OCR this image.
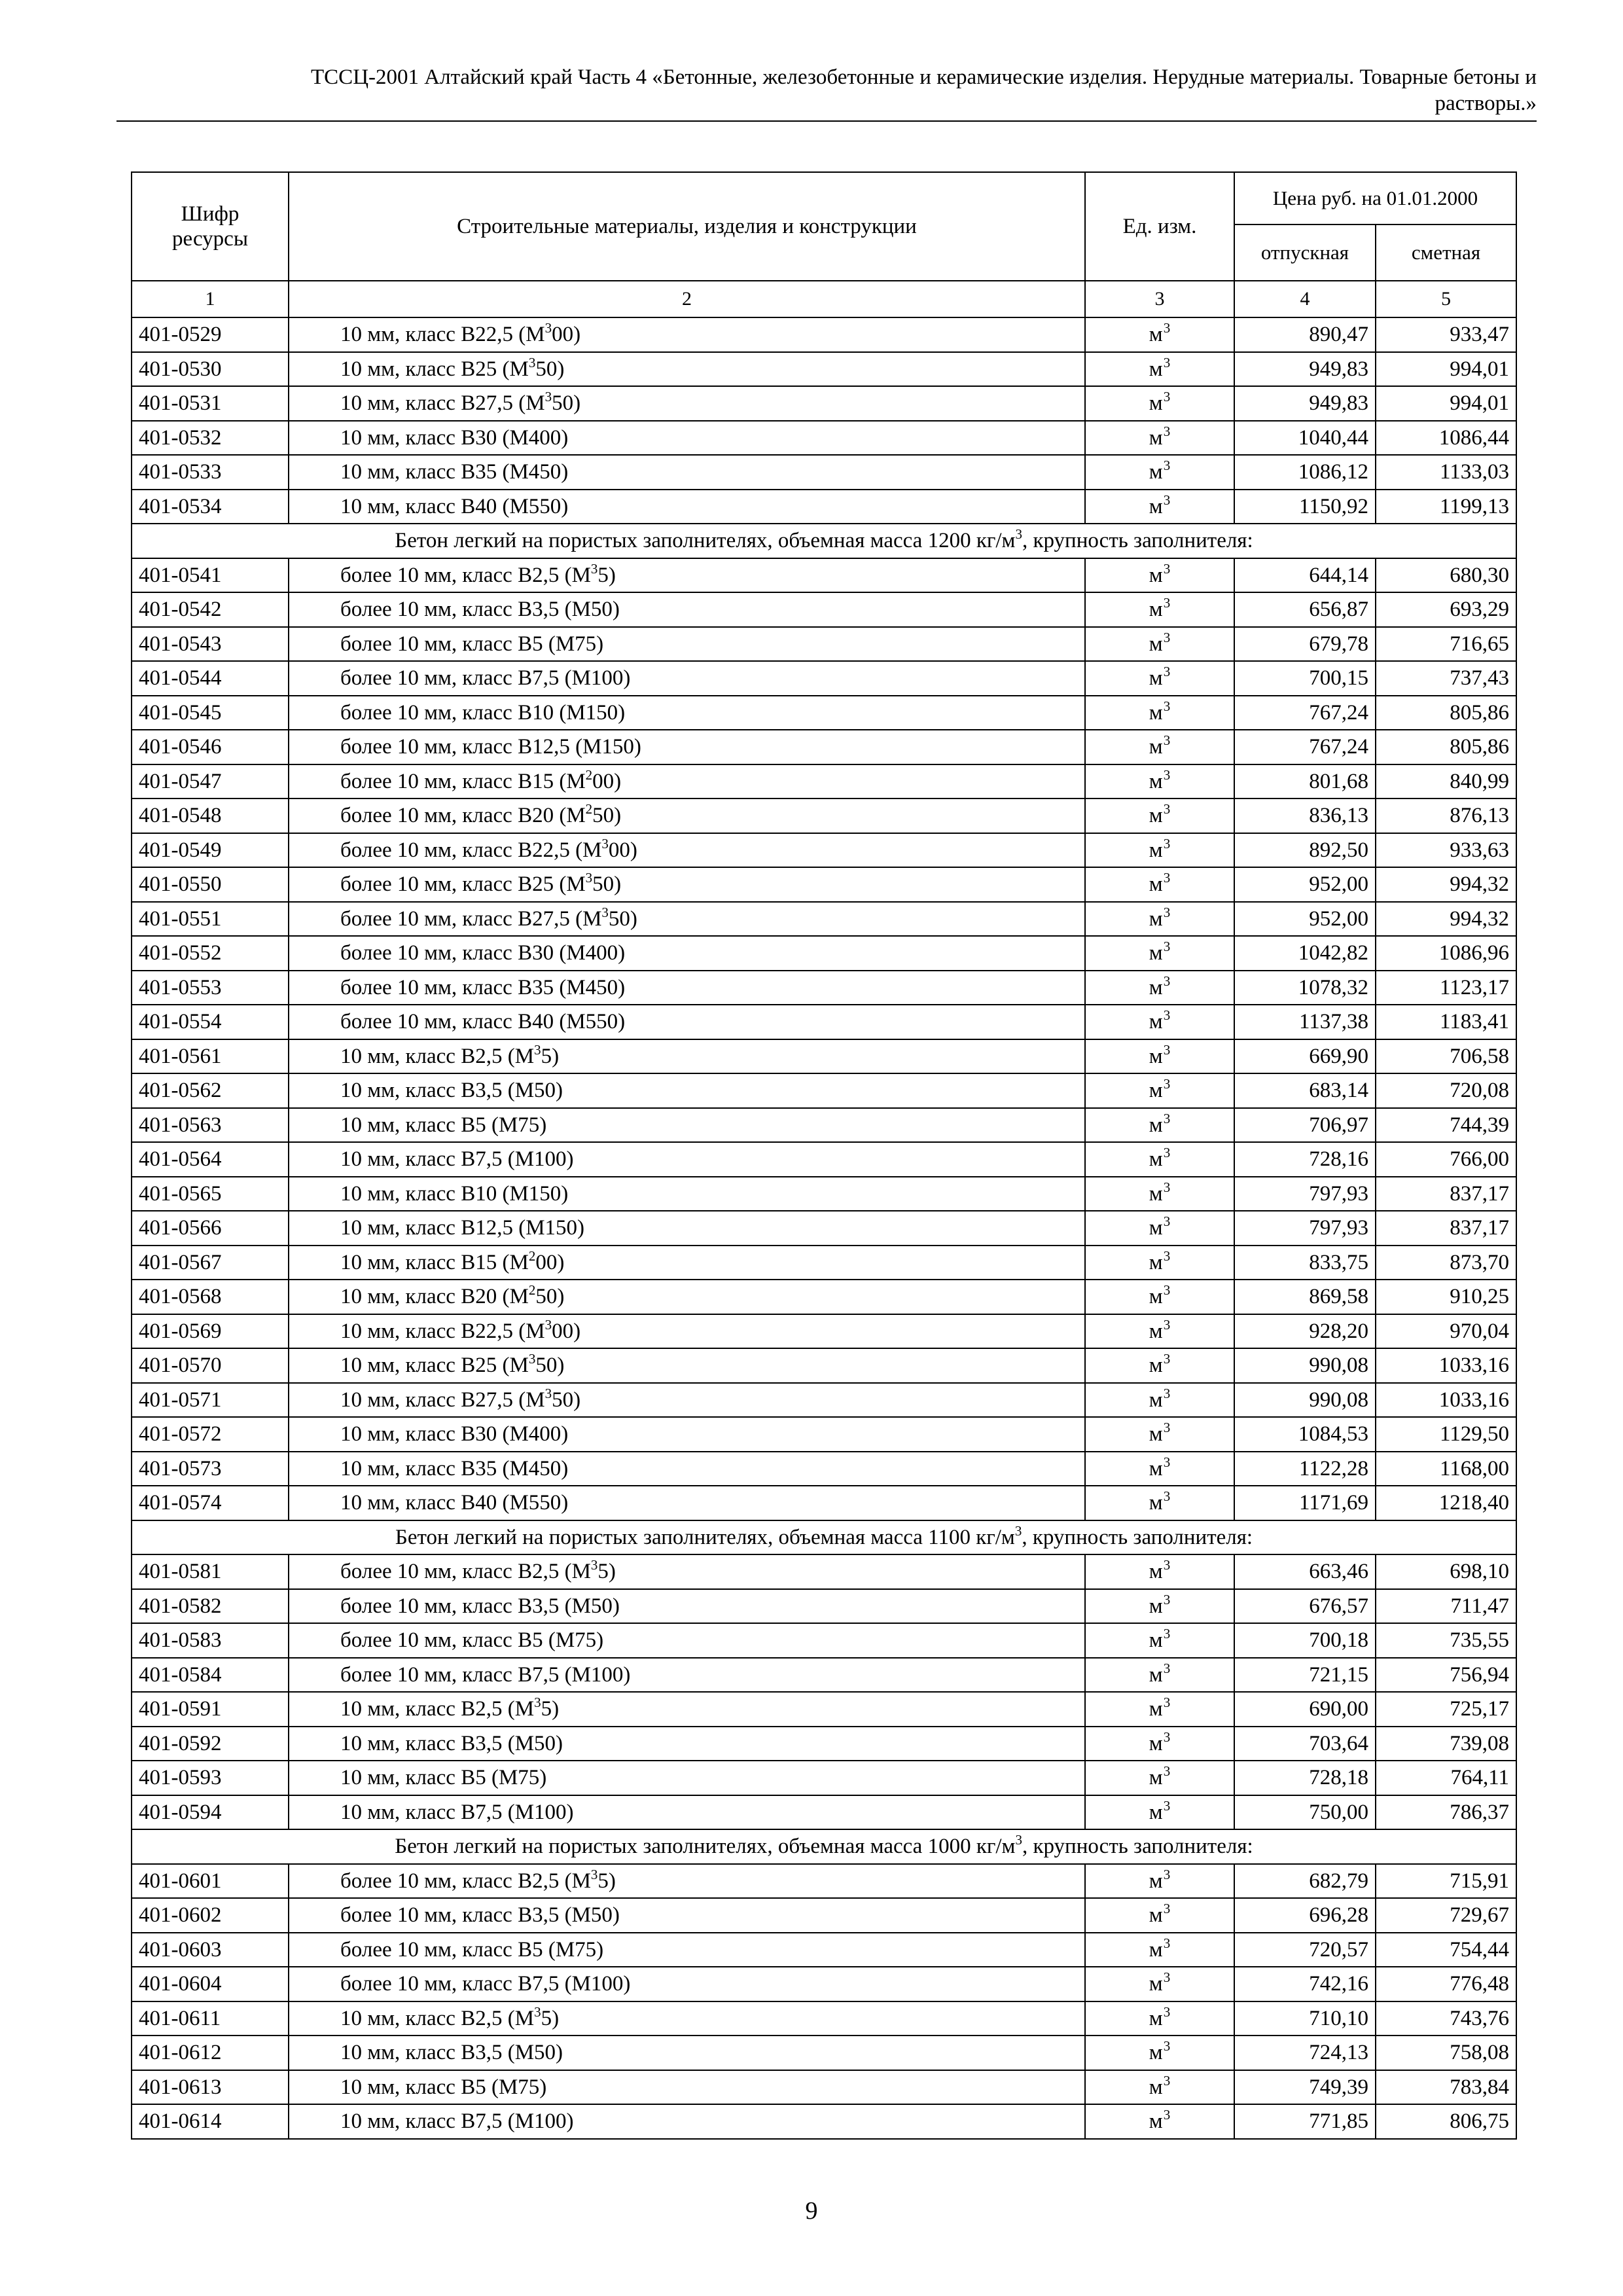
ТССЦ-2001 Алтайский край Часть 4 «Бетонные, железобетонные и керамические изделия. Нерудные материалы. Товарные бетоны и
растворы.»
Шифр ресурсы	Строительные материалы, изделия и конструкции	Ед. изм.	Цена руб. на 01.01.2000	
			отпускная	сметная
1	2	3	4	5
401-0529	10 мм, класс В22,5 $(М^300)$	$м^3$	890,47	933,47
401-0530	10 мм, класс В25 $(М^350)$	$м^3$	949,83	994,01
401-0531	10 мм, класс В27,5 $(М^350)$	$м^3$	949,83	994,01
401-0532	10 мм, класс В30 (М400)	$м^3$	1040,44	1086,44
401-0533	10 мм, класс В35 (М450)	$м^3$	1086,12	1133,03
401-0534	10 мм, класс В40 (М550)	$м^3$	1150,92	1199,13
Бетон легкий на пористых заполнителях, объемная масса 1200 $кг/м^3$, крупность заполнителя:				
401-0541	более 10 мм, класс В2,5 $(М^35)$	$м^3$	644,14	680,30
401-0542	более 10 мм, класс В3,5 (М50)	$м^3$	656,87	693,29
401-0543	более 10 мм, класс В5 (М75)	$м^3$	679,78	716,65
401-0544	более 10 мм, класс В7,5 (М100)	$м^3$	700,15	737,43
401-0545	более 10 мм, класс В10 (М150)	$м^3$	767,24	805,86
401-0546	более 10 мм, класс В12,5 (М150)	$м^3$	767,24	805,86
401-0547	более 10 мм, класс В15 $(М^200)$	$м^3$	801,68	840,99
401-0548	более 10 мм, класс В20 $(М^250)$	$м^3$	836,13	876,13
401-0549	более 10 мм, класс В22,5 $(М^300)$	$м^3$	892,50	933,63
401-0550	более 10 мм, класс В25 $(М^350)$	$м^3$	952,00	994,32
401-0551	более 10 мм, класс В27,5 $(М^350)$	$м^3$	952,00	994,32
401-0552	более 10 мм, класс В30 (М400)	$м^3$	1042,82	1086,96
401-0553	более 10 мм, класс В35 (М450)	$м^3$	1078,32	1123,17
401-0554	более 10 мм, класс В40 (М550)	$м^3$	1137,38	1183,41
401-0561	10 мм, класс В2,5 $(М^35)$	$м^3$	669,90	706,58
401-0562	10 мм, класс В3,5 (М50)	$м^3$	683,14	720,08
401-0563	10 мм, класс В5 (М75)	$м^3$	706,97	744,39
401-0564	10 мм, класс В7,5 (М100)	$м^3$	728,16	766,00
401-0565	10 мм, класс В10 (М150)	$м^3$	797,93	837,17
401-0566	10 мм, класс В12,5 (М150)	$м^3$	797,93	837,17
401-0567	10 мм, класс В15 $(М^200)$	$м^3$	833,75	873,70
401-0568	10 мм, класс В20 $(М^250)$	$м^3$	869,58	910,25
401-0569	10 мм, класс В22,5 $(М^300)$	$м^3$	928,20	970,04
401-0570	10 мм, класс В25 $(М^350)$	$м^3$	990,08	1033,16
401-0571	10 мм, класс В27,5 $(М^350)$	$м^3$	990,08	1033,16
401-0572	10 мм, класс В30 (М400)	$м^3$	1084,53	1129,50
401-0573	10 мм, класс В35 (М450)	$м^3$	1122,28	1168,00
401-0574	10 мм, класс В40 (М550)	$м^3$	1171,69	1218,40
Бетон легкий на пористых заполнителях, объемная масса 1100 $кг/м^3$, крупность заполнителя:				
401-0581	более 10 мм, класс В2,5 $(М^35)$	$м^3$	663,46	698,10
401-0582	более 10 мм, класс В3,5 (М50)	$м^3$	676,57	711,47
401-0583	более 10 мм, класс В5 (М75)	$м^3$	700,18	735,55
401-0584	более 10 мм, класс В7,5 (М100)	$м^3$	721,15	756,94
401-0591	10 мм, класс В2,5 $(М^35)$	$м^3$	690,00	725,17
401-0592	10 мм, класс В3,5 (М50)	$м^3$	703,64	739,08
401-0593	10 мм, класс В5 (М75)	$м^3$	728,18	764,11
401-0594	10 мм, класс В7,5 (М100)	$м^3$	750,00	786,37
Бетон легкий на пористых заполнителях, объемная масса 1000 $кг/м^3$, крупность заполнителя:				
401-0601	более 10 мм, класс В2,5 $(М^35)$	$м^3$	682,79	715,91
401-0602	более 10 мм, класс В3,5 (М50)	$м^3$	696,28	729,67
401-0603	более 10 мм, класс В5 (М75)	$м^3$	720,57	754,44
401-0604	более 10 мм, класс В7,5 (М100)	$м^3$	742,16	776,48
401-0611	10 мм, класс В2,5 $(М^35)$	$м^3$	710,10	743,76
401-0612	10 мм, класс В3,5 (М50)	$м^3$	724,13	758,08
401-0613	10 мм, класс В5 (М75)	$м^3$	749,39	783,84
401-0614	10 мм, класс В7,5 (М100)	$м^3$	771,85	806,75
9
